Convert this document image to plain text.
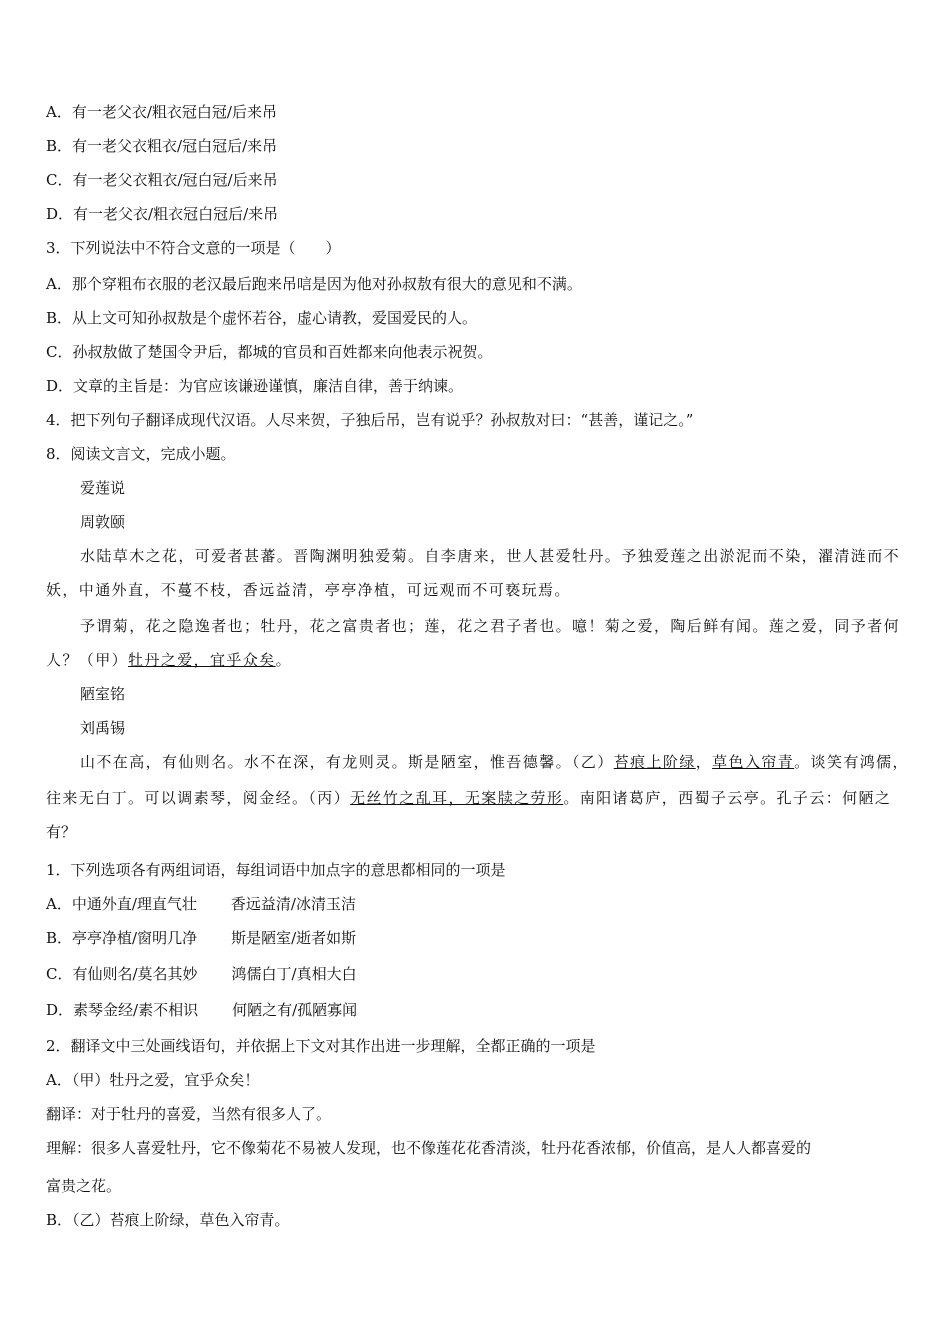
A．有一老父衣/粗衣冠白冠/后来吊
B．有一老父衣粗衣/冠白冠后/来吊
C．有一老父衣粗衣/冠白冠/后来吊
D．有一老父衣/粗衣冠白冠后/来吊
3．下列说法中不符合文意的一项是（　　）
A．那个穿粗布衣服的老汉最后跑来吊唁是因为他对孙叔敖有很大的意见和不满。
B．从上文可知孙叔敖是个虚怀若谷，虚心请教，爱国爱民的人。
C．孙叔敖做了楚国令尹后，都城的官员和百姓都来向他表示祝贺。
D．文章的主旨是：为官应该谦逊谨慎，廉洁自律，善于纳谏。
4．把下列句子翻译成现代汉语。人尽来贺，子独后吊，岂有说乎？孙叔敖对曰：“甚善，谨记之。”
8．阅读文言文，完成小题。
爱莲说
周敦颐
水陆草木之花，可爱者甚蕃。晋陶渊明独爱菊。自李唐来，世人甚爱牡丹。予独爱莲之出淤泥而不染，濯清涟而不
妖，中通外直，不蔓不枝，香远益清，亭亭净植，可远观而不可亵玩焉。
予谓菊，花之隐逸者也；牡丹，花之富贵者也；莲，花之君子者也。噫！菊之爱，陶后鲜有闻。莲之爱，同予者何
人？（甲）牡丹之爱，宜乎众矣。
陋室铭
刘禹锡
山不在高，有仙则名。水不在深，有龙则灵。斯是陋室，惟吾德馨。（乙）苔痕上阶绿，草色入帘青。谈笑有鸿儒，
往来无白丁。可以调素琴，阅金经。（丙）无丝竹之乱耳，无案牍之劳形。南阳诸葛庐，西蜀子云亭。孔子云：何陋之
有？
1．下列选项各有两组词语，每组词语中加点字的意思都相同的一项是
A．中通外直/理直气壮 香远益清/冰清玉洁
B．亭亭净植/窗明几净 斯是陋室/逝者如斯
C．有仙则名/莫名其妙 鸿儒白丁/真相大白
D．素琴金经/素不相识 何陋之有/孤陋寡闻
2．翻译文中三处画线语句，并依据上下文对其作出进一步理解，全都正确的一项是
A．（甲）牡丹之爱，宜乎众矣！
翻译：对于牡丹的喜爱，当然有很多人了。
理解：很多人喜爱牡丹，它不像菊花不易被人发现，也不像莲花花香清淡，牡丹花香浓郁，价值高，是人人都喜爱的
富贵之花。
B．（乙）苔痕上阶绿，草色入帘青。
